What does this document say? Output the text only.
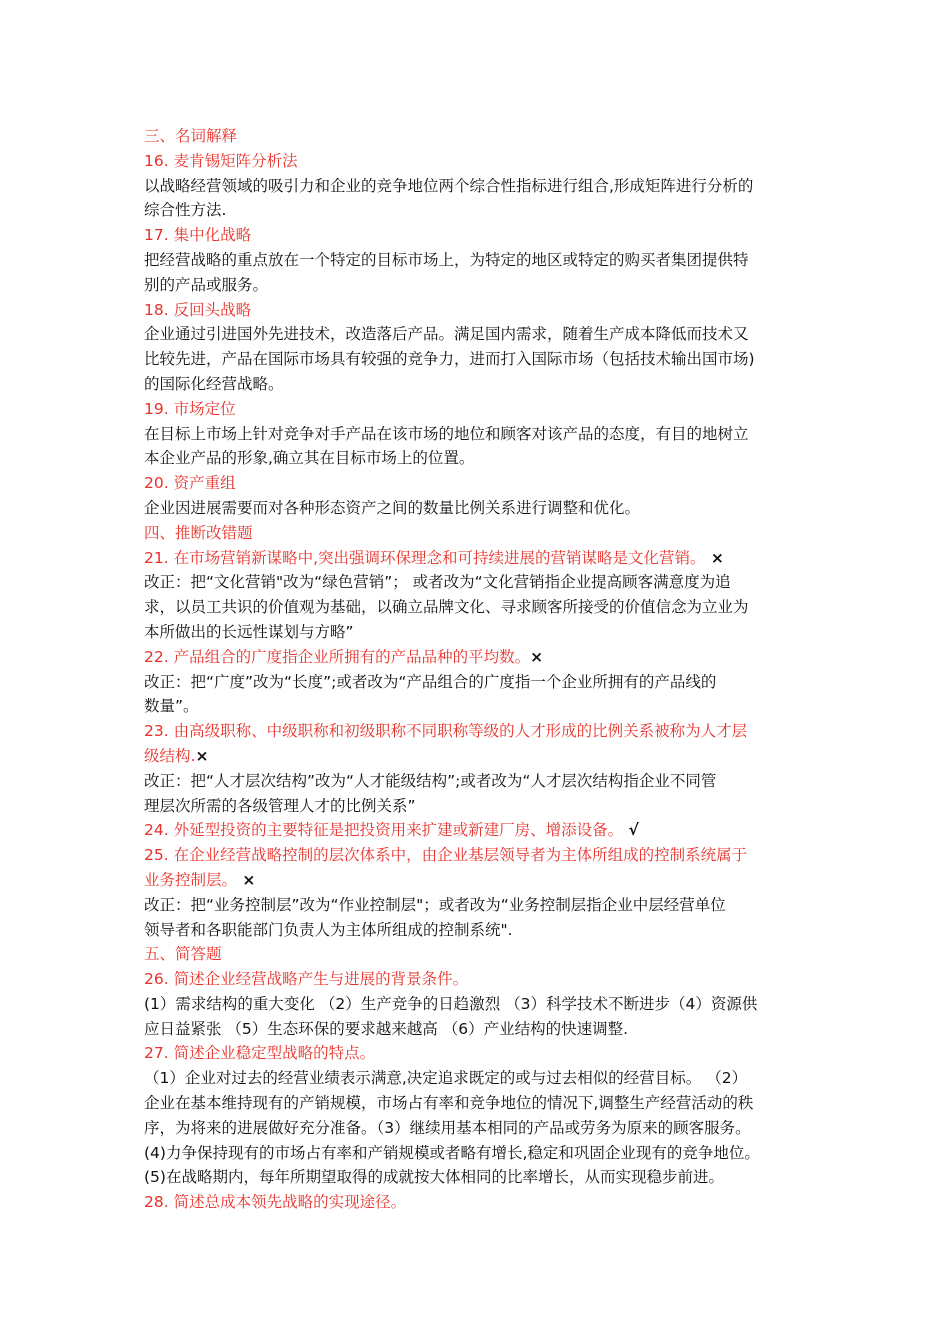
三、名词解释
16. 麦肯锡矩阵分析法
以战略经营领域的吸引力和企业的竞争地位两个综合性指标进行组合,形成矩阵进行分析的
综合性方法.
17. 集中化战略
把经营战略的重点放在一个特定的目标市场上，为特定的地区或特定的购买者集团提供特
别的产品或服务。
18. 反回头战略
企业通过引进国外先进技术，改造落后产品。满足国内需求，随着生产成本降低而技术又
比较先进，产品在国际市场具有较强的竞争力，进而打入国际市场（包括技术输出国市场)
的国际化经营战略。
19. 市场定位
在目标上市场上针对竞争对手产品在该市场的地位和顾客对该产品的态度，有目的地树立
本企业产品的形象,确立其在目标市场上的位置。
20. 资产重组
企业因进展需要而对各种形态资产之间的数量比例关系进行调整和优化。
四、推断改错题
21. 在市场营销新谋略中,突出强调环保理念和可持续进展的营销谋略是文化营销。 ×
改正：把“文化营销"改为“绿色营销”； 或者改为“文化营销指企业提高顾客满意度为追
求，以员工共识的价值观为基础，以确立品牌文化、寻求顾客所接受的价值信念为立业为
本所做出的长远性谋划与方略”
22. 产品组合的广度指企业所拥有的产品品种的平均数。×
改正：把“广度”改为“长度”;或者改为“产品组合的广度指一个企业所拥有的产品线的
数量”。
23. 由高级职称、中级职称和初级职称不同职称等级的人才形成的比例关系被称为人才层
级结构.×
改正：把“人才层次结构”改为“人才能级结构”;或者改为“人才层次结构指企业不同管
理层次所需的各级管理人才的比例关系”
24. 外延型投资的主要特征是把投资用来扩建或新建厂房、增添设备。 √
25. 在企业经营战略控制的层次体系中，由企业基层领导者为主体所组成的控制系统属于
业务控制层。 ×
改正：把“业务控制层”改为“作业控制层"；或者改为“业务控制层指企业中层经营单位
领导者和各职能部门负责人为主体所组成的控制系统".
五、简答题
26. 简述企业经营战略产生与进展的背景条件。
(1）需求结构的重大变化 （2）生产竞争的日趋激烈 （3）科学技术不断进步（4）资源供
应日益紧张 （5）生态环保的要求越来越高 （6）产业结构的快速调整.
27. 简述企业稳定型战略的特点。
（1）企业对过去的经营业绩表示满意,决定追求既定的或与过去相似的经营目标。 （2）
企业在基本维持现有的产销规模，市场占有率和竞争地位的情况下,调整生产经营活动的秩
序，为将来的进展做好充分准备。（3）继续用基本相同的产品或劳务为原来的顾客服务。
(4)力争保持现有的市场占有率和产销规模或者略有增长,稳定和巩固企业现有的竞争地位。
(5)在战略期内，每年所期望取得的成就按大体相同的比率增长，从而实现稳步前进。
28. 简述总成本领先战略的实现途径。
